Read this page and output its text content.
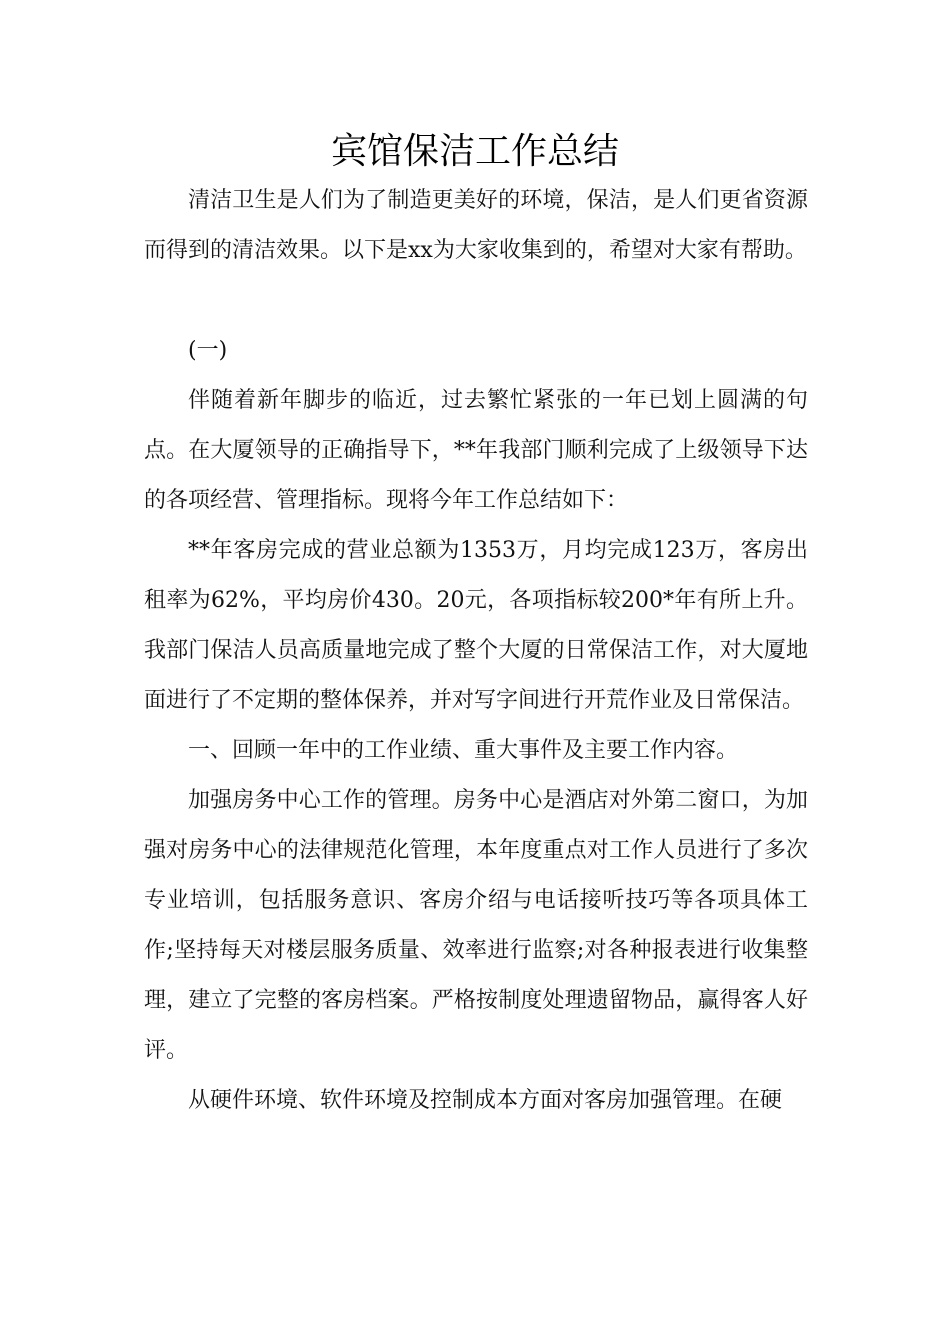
宾馆保洁工作总结

清洁卫生是人们为了制造更美好的环境，保洁，是人们更省资源而得到的清洁效果。以下是xx为大家收集到的，希望对大家有帮助。

(一)

伴随着新年脚步的临近，过去繁忙紧张的一年已划上圆满的句点。在大厦领导的正确指导下，**年我部门顺利完成了上级领导下达的各项经营、管理指标。现将今年工作总结如下：

**年客房完成的营业总额为1353万，月均完成123万，客房出租率为62%，平均房价430。20元，各项指标较200*年有所上升。我部门保洁人员高质量地完成了整个大厦的日常保洁工作，对大厦地面进行了不定期的整体保养，并对写字间进行开荒作业及日常保洁。

一、回顾一年中的工作业绩、重大事件及主要工作内容。

加强房务中心工作的管理。房务中心是酒店对外第二窗口，为加强对房务中心的法律规范化管理，本年度重点对工作人员进行了多次专业培训，包括服务意识、客房介绍与电话接听技巧等各项具体工作;坚持每天对楼层服务质量、效率进行监察;对各种报表进行收集整理，建立了完整的客房档案。严格按制度处理遗留物品，赢得客人好评。

从硬件环境、软件环境及控制成本方面对客房加强管理。在硬
